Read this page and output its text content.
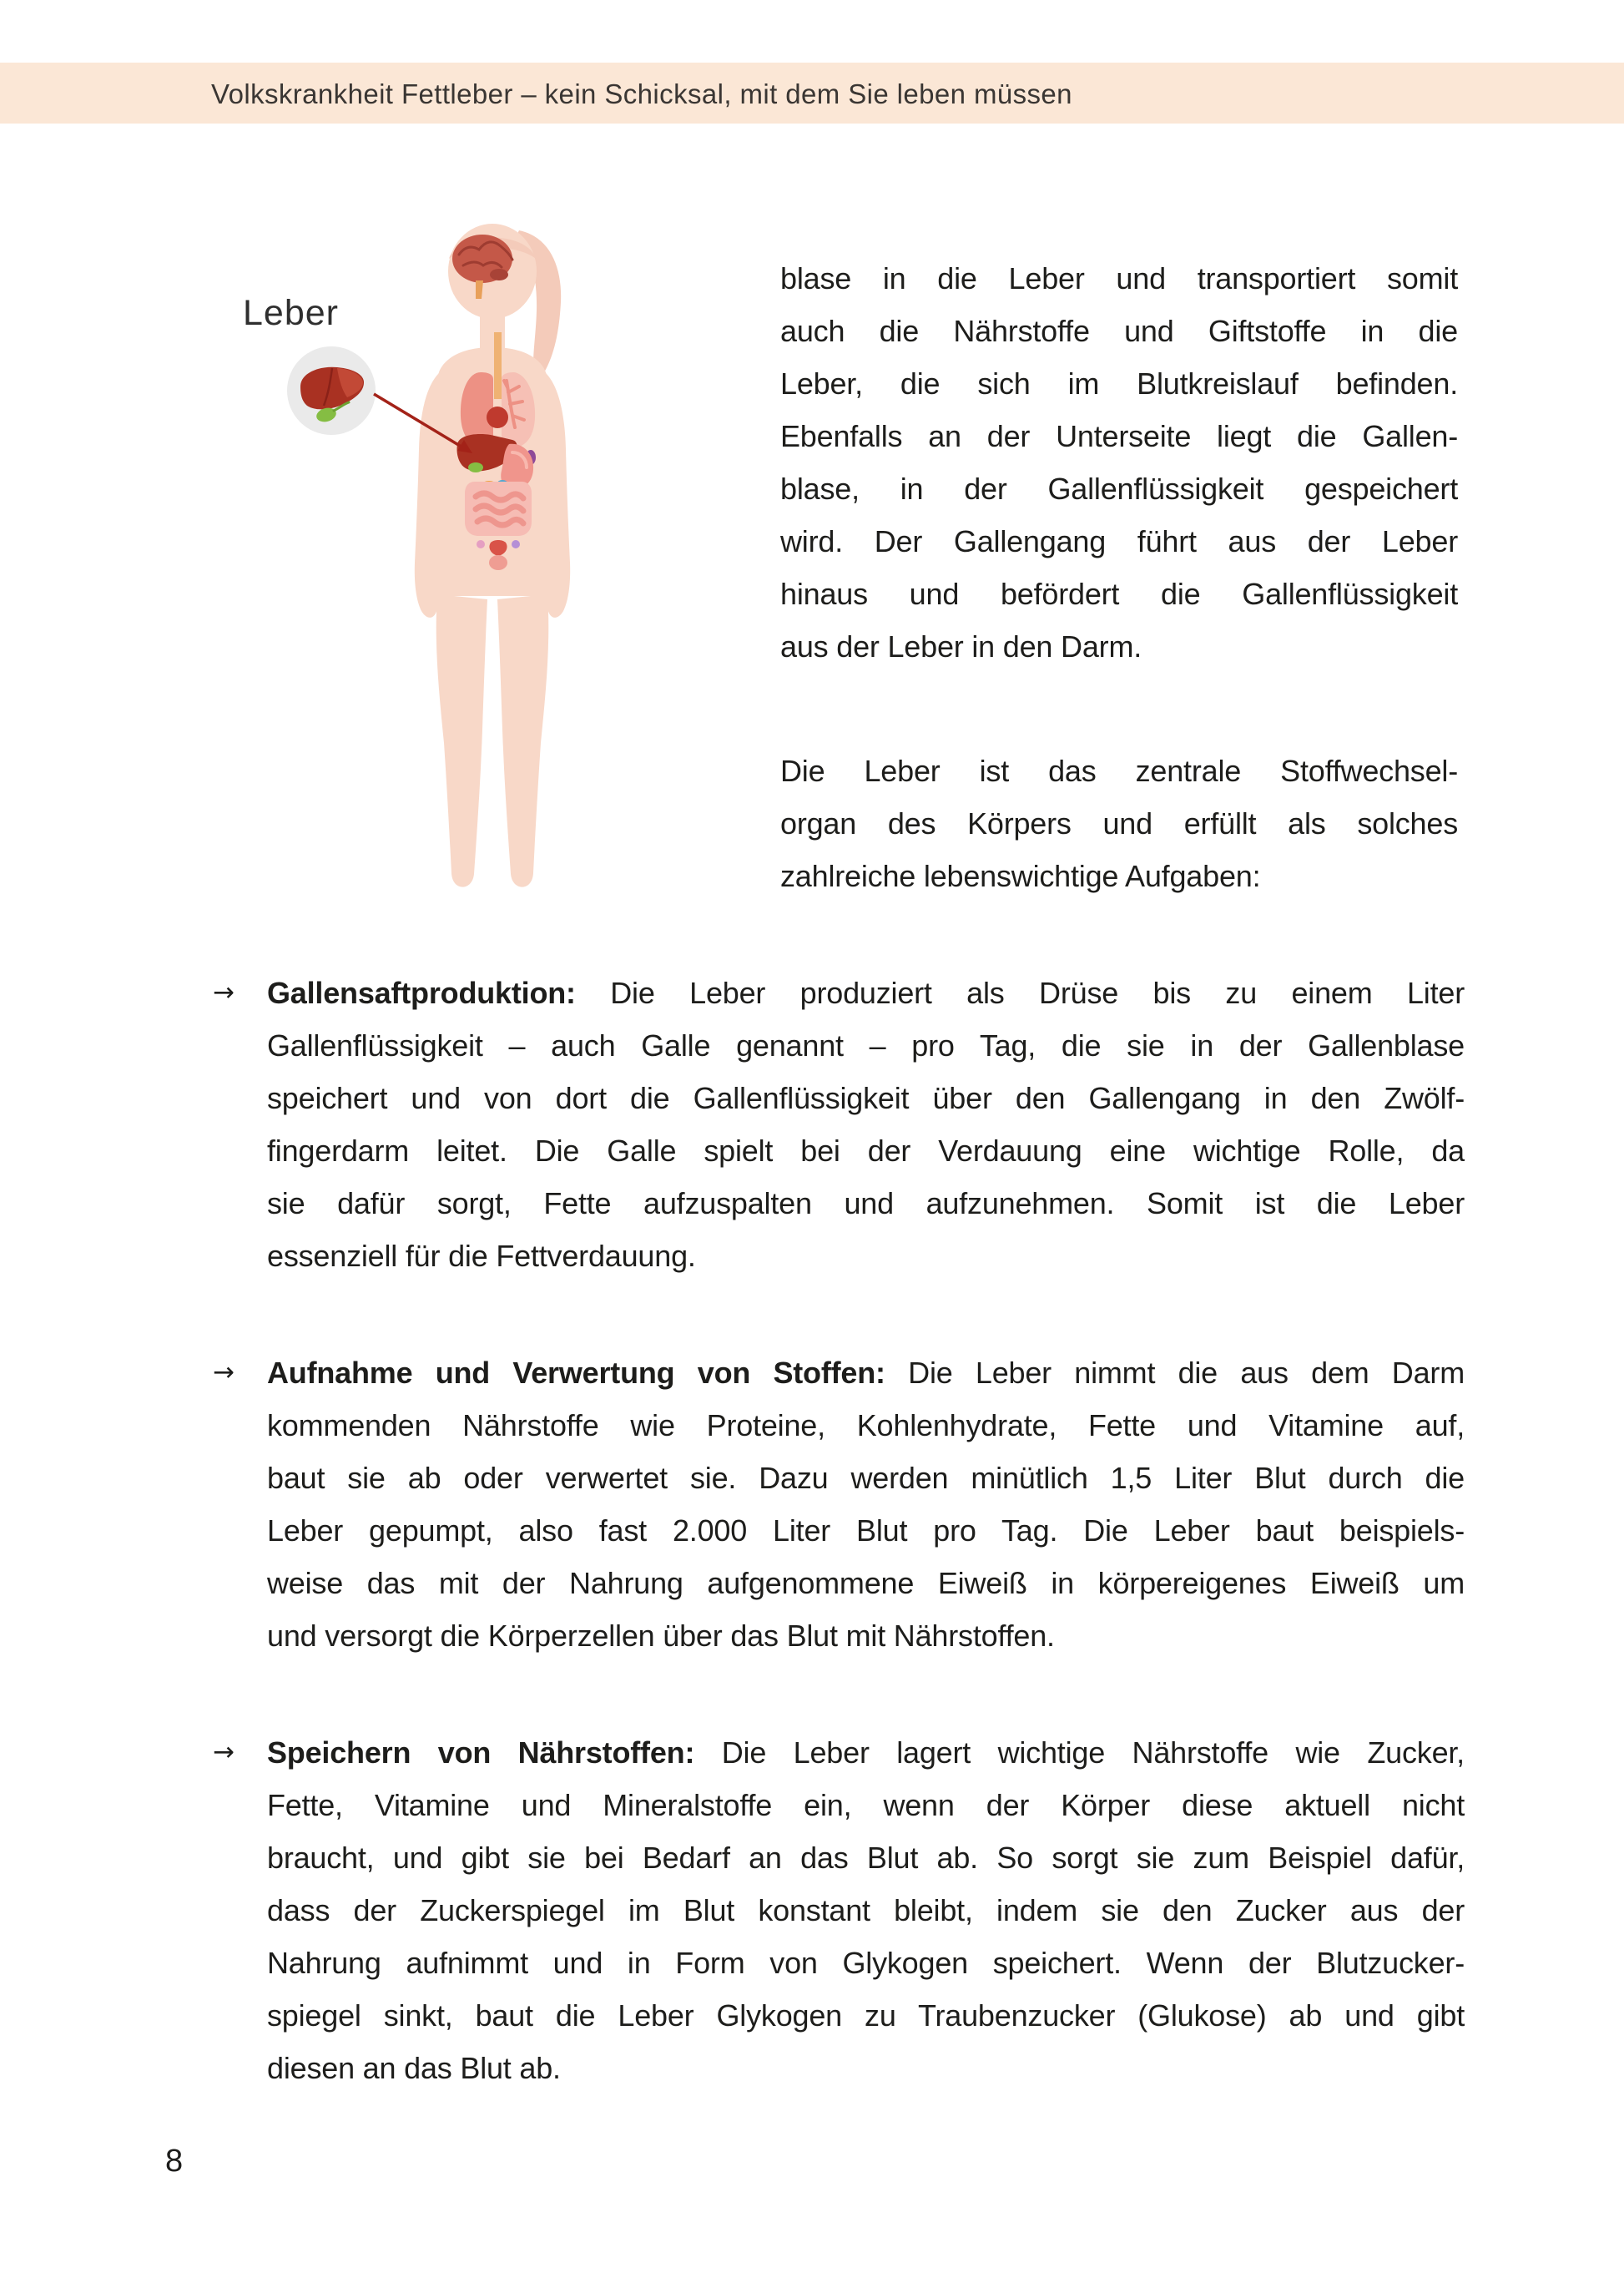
Volkskrankheit Fettleber – kein Schicksal, mit dem Sie leben müssen
Leber
blase in die Leber und transportiert somit
auch die Nährstoffe und Giftstoffe in die
Leber, die sich im Blutkreislauf befinden.
Ebenfalls an der Unterseite liegt die Gallen-
blase, in der Gallenflüssigkeit gespeichert
wird. Der Gallengang führt aus der Leber
hinaus und befördert die Gallenflüssigkeit
aus der Leber in den Darm.
Die Leber ist das zentrale Stoffwechsel-
organ des Körpers und erfüllt als solches
zahlreiche lebenswichtige Aufgaben:
→	Gallensaftproduktion: Die Leber produziert als Drüse bis zu einem Liter
Gallenflüssigkeit – auch Galle genannt – pro Tag, die sie in der Gallenblase
speichert und von dort die Gallenflüssigkeit über den Gallengang in den Zwölf-
fingerdarm leitet. Die Galle spielt bei der Verdauung eine wichtige Rolle, da
sie dafür sorgt, Fette aufzuspalten und aufzunehmen. Somit ist die Leber
essenziell für die Fettverdauung.
→	Aufnahme und Verwertung von Stoffen: Die Leber nimmt die aus dem Darm
kommenden Nährstoffe wie Proteine, Kohlenhydrate, Fette und Vitamine auf,
baut sie ab oder verwertet sie. Dazu werden minütlich 1,5 Liter Blut durch die
Leber gepumpt, also fast 2.000 Liter Blut pro Tag. Die Leber baut beispiels-
weise das mit der Nahrung aufgenommene Eiweiß in körpereigenes Eiweiß um
und versorgt die Körperzellen über das Blut mit Nährstoffen.
→	Speichern von Nährstoffen: Die Leber lagert wichtige Nährstoffe wie Zucker,
Fette, Vitamine und Mineralstoffe ein, wenn der Körper diese aktuell nicht
braucht, und gibt sie bei Bedarf an das Blut ab. So sorgt sie zum Beispiel dafür,
dass der Zuckerspiegel im Blut konstant bleibt, indem sie den Zucker aus der
Nahrung aufnimmt und in Form von Glykogen speichert. Wenn der Blutzucker-
spiegel sinkt, baut die Leber Glykogen zu Traubenzucker (Glukose) ab und gibt
diesen an das Blut ab.
8
